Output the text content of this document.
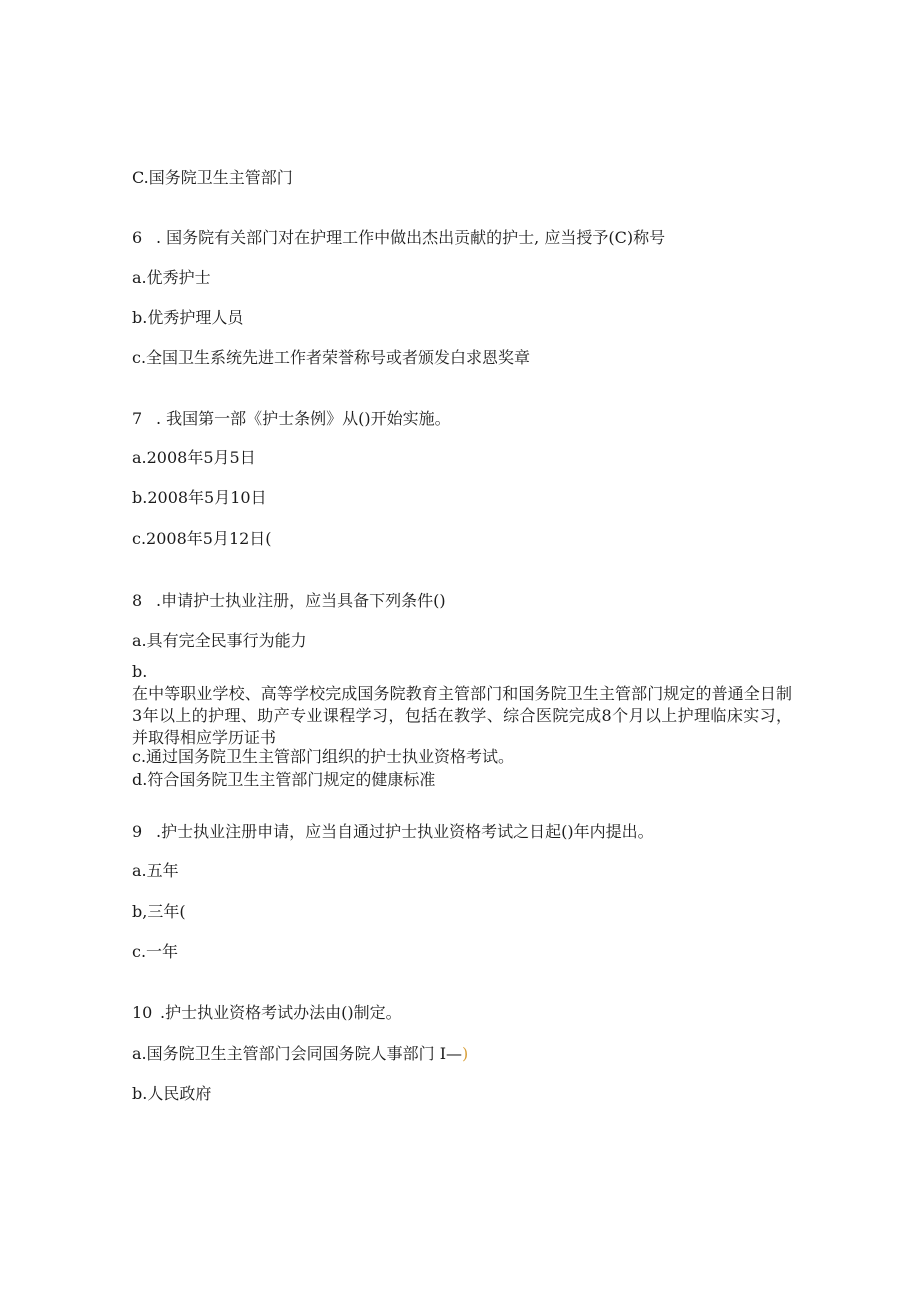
C.国务院卫生主管部门
6 . 国务院有关部门对在护理工作中做出杰出贡献的护士, 应当授予(C)称号
a.优秀护士
b.优秀护理人员
c.全国卫生系统先进工作者荣誉称号或者颁发白求恩奖章
7 . 我国第一部《护士条例》从()开始实施。
a.2008年5月5日
b.2008年5月10日
c.2008年5月12日(
8 .申请护士执业注册，应当具备下列条件()
a.具有完全民事行为能力
b.
在中等职业学校、高等学校完成国务院教育主管部门和国务院卫生主管部门规定的普通全日制3年以上的护理、助产专业课程学习，包括在教学、综合医院完成8个月以上护理临床实习，并取得相应学历证书
c.通过国务院卫生主管部门组织的护士执业资格考试。
d.符合国务院卫生主管部门规定的健康标准
9 .护士执业注册申请，应当自通过护士执业资格考试之日起()年内提出。
a.五年
b,三年(
c.一年
10 .护士执业资格考试办法由()制定。
a.国务院卫生主管部门会同国务院人事部门 I—)
b.人民政府
